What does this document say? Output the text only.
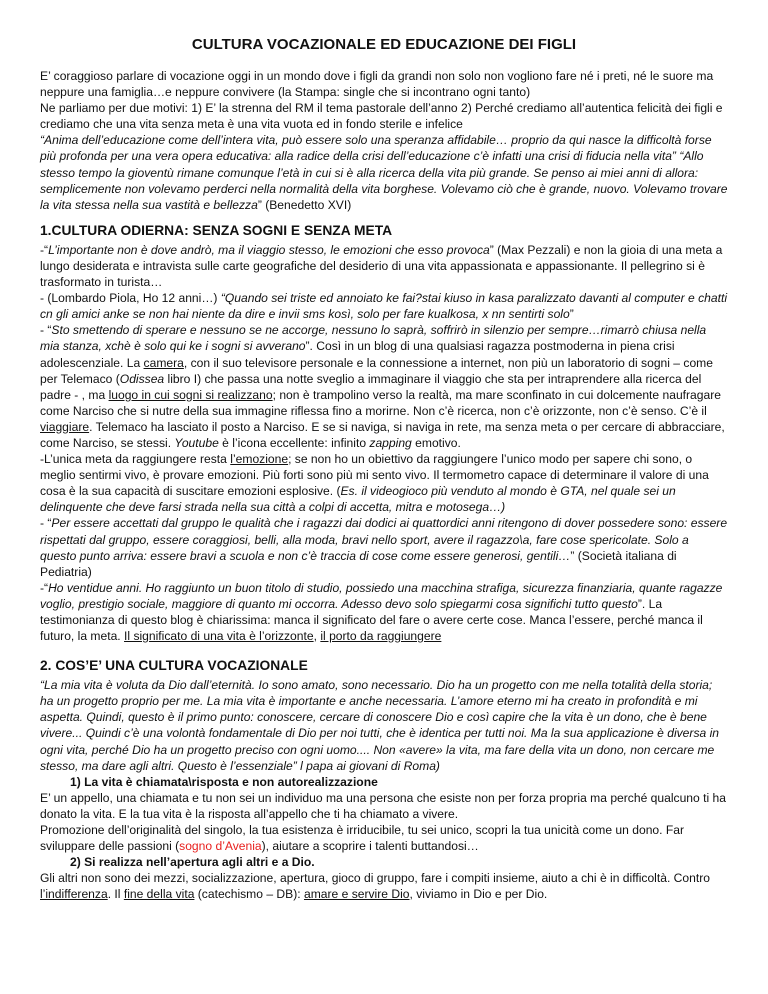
CULTURA VOCAZIONALE ED EDUCAZIONE DEI FIGLI

E’ coraggioso parlare di vocazione oggi in un mondo dove i figli da grandi non solo non vogliono fare né i preti, né le suore ma neppure una famiglia…e neppure convivere (la Stampa: single che si incontrano ogni tanto)

Ne parliamo per due motivi: 1) E’ la strenna del RM il tema pastorale dell’anno 2) Perché crediamo all’autentica felicità dei figli e crediamo che una vita senza meta è una vita vuota ed in fondo sterile e infelice

“Anima dell’educazione come dell’intera vita, può essere solo una speranza affidabile… proprio da qui nasce la difficoltà forse più profonda per una vera opera educativa: alla radice della crisi dell’educazione c’è infatti una crisi di fiducia nella vita” “Allo stesso tempo la gioventù rimane comunque l’età in cui si è alla ricerca della vita più grande. Se penso ai miei anni di allora: semplicemente non volevamo perderci nella normalità della vita borghese. Volevamo ciò che è grande, nuovo. Volevamo trovare la vita stessa nella sua vastità e bellezza” (Benedetto XVI)

1.CULTURA ODIERNA: SENZA SOGNI E SENZA META

-“L’importante non è dove andrò, ma il viaggio stesso, le emozioni che esso provoca” (Max Pezzali) e non la gioia di una meta a lungo desiderata e intravista sulle carte geografiche del desiderio di una vita appassionata e appassionante. Il pellegrino si è trasformato in turista…

- (Lombardo Piola, Ho 12 anni…) “Quando sei triste ed annoiato ke fai?stai kiuso in kasa paralizzato davanti al computer e chatti cn gli amici anke se non hai niente da dire e invii sms kosì, solo per fare kualkosa, x nn sentirti solo”

- “Sto smettendo di sperare e nessuno se ne accorge, nessuno lo saprà, soffrirò in silenzio per sempre…rimarrò chiusa nella mia stanza, xchè è solo qui ke i sogni si avverano”. Così in un blog di una qualsiasi ragazza postmoderna in piena crisi adolescenziale. La camera, con il suo televisore personale e la connessione a internet, non più un laboratorio di sogni – come per Telemaco (Odissea libro I) che passa una notte sveglio a immaginare il viaggio che sta per intraprendere alla ricerca del padre - , ma luogo in cui sogni si realizzano; non è trampolino verso la realtà, ma mare sconfinato in cui dolcemente naufragare come Narciso che si nutre della sua immagine riflessa fino a morirne. Non c’è ricerca, non c’è orizzonte, non c’è senso. C’è il viaggiare. Telemaco ha lasciato il posto a Narciso. E se si naviga, si naviga in rete, ma senza meta o per cercare di abbracciare, come Narciso, se stessi. Youtube è l’icona eccellente: infinito zapping emotivo.

-L’unica meta da raggiungere resta l’emozione; se non ho un obiettivo da raggiungere l’unico modo per sapere chi sono, o meglio sentirmi vivo, è provare emozioni. Più forti sono più mi sento vivo. Il termometro capace di determinare il valore di una cosa è la sua capacità di suscitare emozioni esplosive. (Es. il videogioco più venduto al mondo è GTA, nel quale sei un delinquente che deve farsi strada nella sua città a colpi di accetta, mitra e motosega…)

- “Per essere accettati dal gruppo le qualità che i ragazzi dai dodici ai quattordici anni ritengono di dover possedere sono: essere rispettati dal gruppo, essere coraggiosi, belli, alla moda, bravi nello sport, avere il ragazzo\a, fare cose spericolate. Solo a questo punto arriva: essere bravi a scuola e non c’è traccia di cose come essere generosi, gentili…” (Società italiana di Pediatria)

-“Ho ventidue anni. Ho raggiunto un buon titolo di studio, possiedo una macchina strafiga, sicurezza finanziaria, quante ragazze voglio, prestigio sociale, maggiore di quanto mi occorra. Adesso devo solo spiegarmi cosa significhi tutto questo”. La testimonianza di questo blog è chiarissima: manca il significato del fare o avere certe cose. Manca l’essere, perché manca il futuro, la meta. Il significato di una vita è l’orizzonte, il porto da raggiungere

2. COS’E’ UNA CULTURA VOCAZIONALE

“La mia vita è voluta da Dio dall’eternità. Io sono amato, sono necessario. Dio ha un progetto con me nella totalità della storia; ha un progetto proprio per me. La mia vita è importante e anche necessaria. L’amore eterno mi ha creato in profondità e mi aspetta. Quindi, questo è il primo punto: conoscere, cercare di conoscere Dio e così capire che la vita è un dono, che è bene vivere... Quindi c’è una volontà fondamentale di Dio per noi tutti, che è identica per tutti noi. Ma la sua applicazione è diversa in ogni vita, perché Dio ha un progetto preciso con ogni uomo.... Non «avere» la vita, ma fare della vita un dono, non cercare me stesso, ma dare agli altri. Questo è l’essenziale” l papa ai giovani di Roma)

1) La vita è chiamata\risposta e non autorealizzazione

E’ un appello, una chiamata e tu non sei un individuo ma una persona che esiste non per forza propria ma perché qualcuno ti ha donato la vita. E la tua vita è la risposta all’appello che ti ha chiamato a vivere.

Promozione dell’originalità del singolo, la tua esistenza è irriducibile, tu sei unico, scopri la tua unicità come un dono. Far sviluppare delle passioni (sogno d’Avenia), aiutare a scoprire i talenti buttandosi…

2) Si realizza nell’apertura agli altri e a Dio.

Gli altri non sono dei mezzi, socializzazione, apertura, gioco di gruppo, fare i compiti insieme, aiuto a chi è in difficoltà. Contro l’indifferenza. Il fine della vita (catechismo – DB): amare e servire Dio, viviamo in Dio e per Dio.
